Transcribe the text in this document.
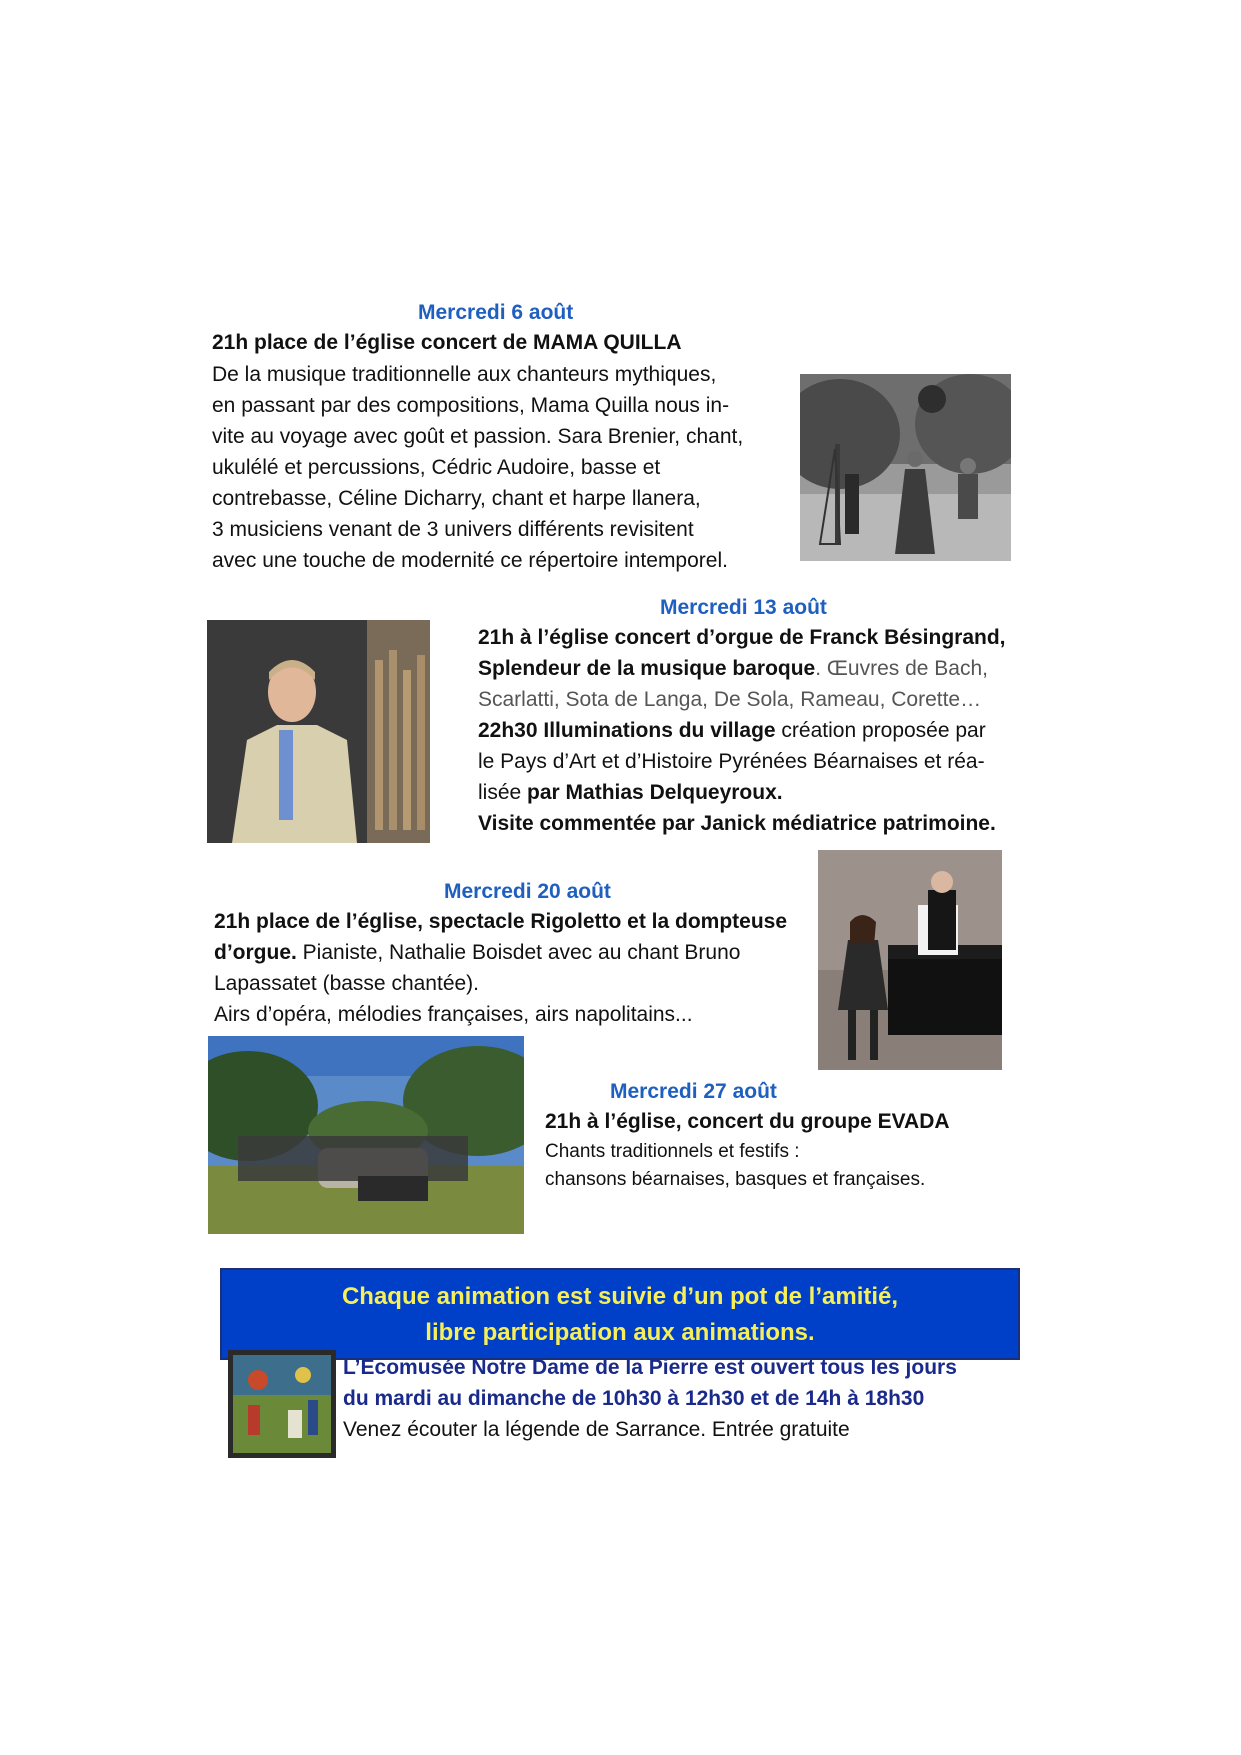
Mercredi 6 août
21h place de l’église concert de MAMA QUILLA
De la musique traditionnelle aux chanteurs mythiques,
en passant par des compositions, Mama Quilla nous in-
vite au voyage avec goût et passion. Sara Brenier, chant,
ukulélé et percussions, Cédric Audoire, basse et
contrebasse, Céline Dicharry, chant et harpe llanera,
3 musiciens venant de 3 univers différents revisitent
avec une touche de modernité ce répertoire intemporel.
Mercredi 13 août
21h à l’église concert d’orgue de Franck Bésingrand,
Splendeur de la musique baroque. Œuvres de Bach,
Scarlatti, Sota de Langa, De Sola, Rameau, Corette…
22h30 Illuminations du village création proposée par
le Pays d’Art et d’Histoire Pyrénées Béarnaises et réa-
lisée par Mathias Delqueyroux.
Visite commentée par Janick médiatrice patrimoine.
Mercredi 20 août
21h place de l’église, spectacle Rigoletto et la dompteuse
d’orgue. Pianiste, Nathalie Boisdet avec au chant Bruno
Lapassatet (basse chantée).
Airs d’opéra, mélodies françaises, airs napolitains...
Mercredi 27 août
21h à l’église, concert du groupe EVADA
Chants traditionnels et festifs :
chansons béarnaises, basques et françaises.
Chaque animation est suivie d’un pot de l’amitié,
libre participation aux animations.
L’Ecomusée Notre Dame de la Pierre est ouvert tous les jours
du mardi au dimanche de 10h30 à 12h30 et de 14h à 18h30
Venez écouter la légende de Sarrance. Entrée gratuite
